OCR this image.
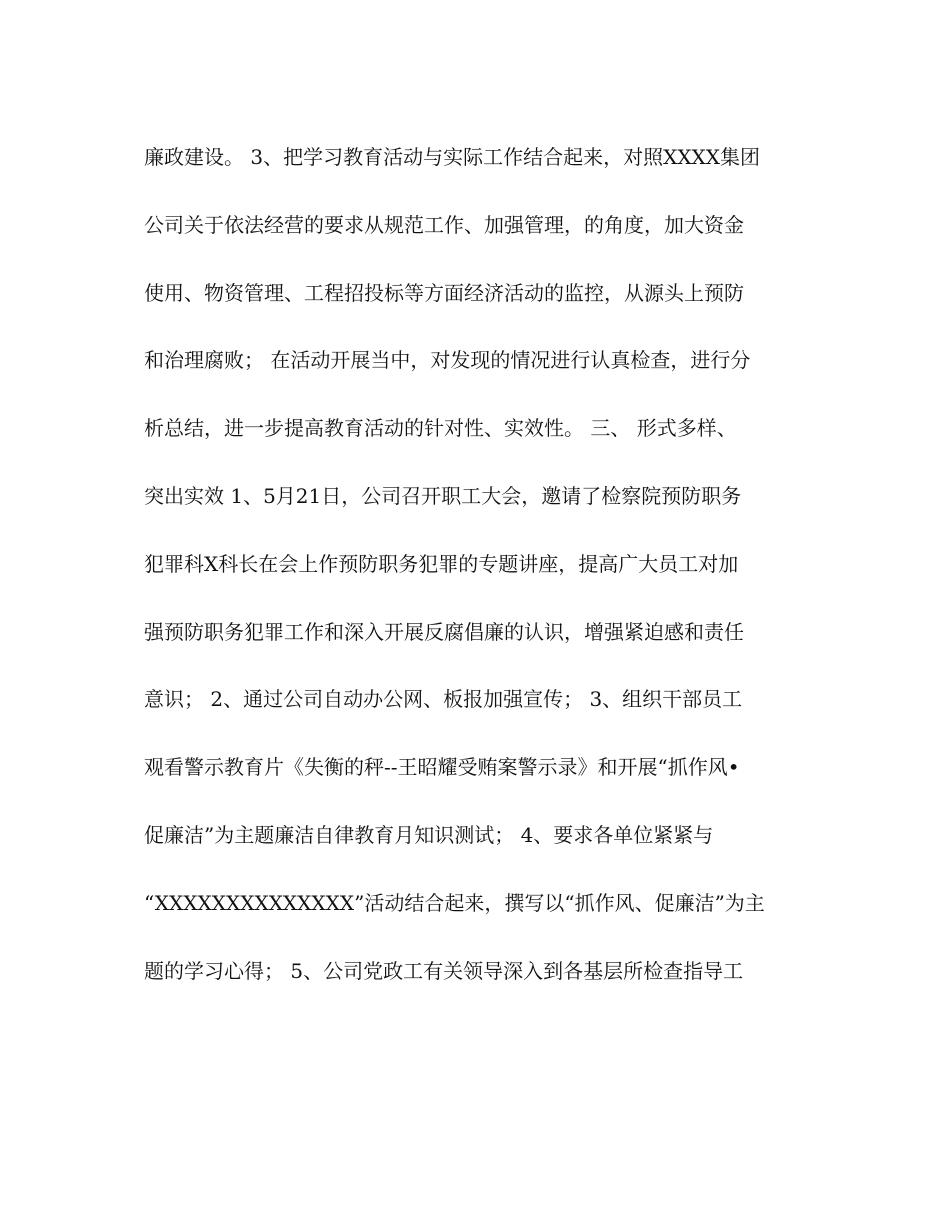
廉政建设。 3、把学习教育活动与实际工作结合起来，对照XXXX集团
公司关于依法经营的要求从规范工作、加强管理，的角度，加大资金
使用、物资管理、工程招投标等方面经济活动的监控，从源头上预防
和治理腐败； 在活动开展当中，对发现的情况进行认真检查，进行分
析总结，进一步提高教育活动的针对性、实效性。 三、 形式多样、
突出实效 1、5月21日，公司召开职工大会，邀请了检察院预防职务
犯罪科X科长在会上作预防职务犯罪的专题讲座，提高广大员工对加
强预防职务犯罪工作和深入开展反腐倡廉的认识，增强紧迫感和责任
意识； 2、通过公司自动办公网、板报加强宣传； 3、组织干部员工
观看警示教育片《失衡的秤--王昭耀受贿案警示录》和开展“抓作风•
促廉洁”为主题廉洁自律教育月知识测试； 4、要求各单位紧紧与
“XXXXXXXXXXXXXX”活动结合起来，撰写以“抓作风、促廉洁”为主
题的学习心得； 5、公司党政工有关领导深入到各基层所检查指导工
